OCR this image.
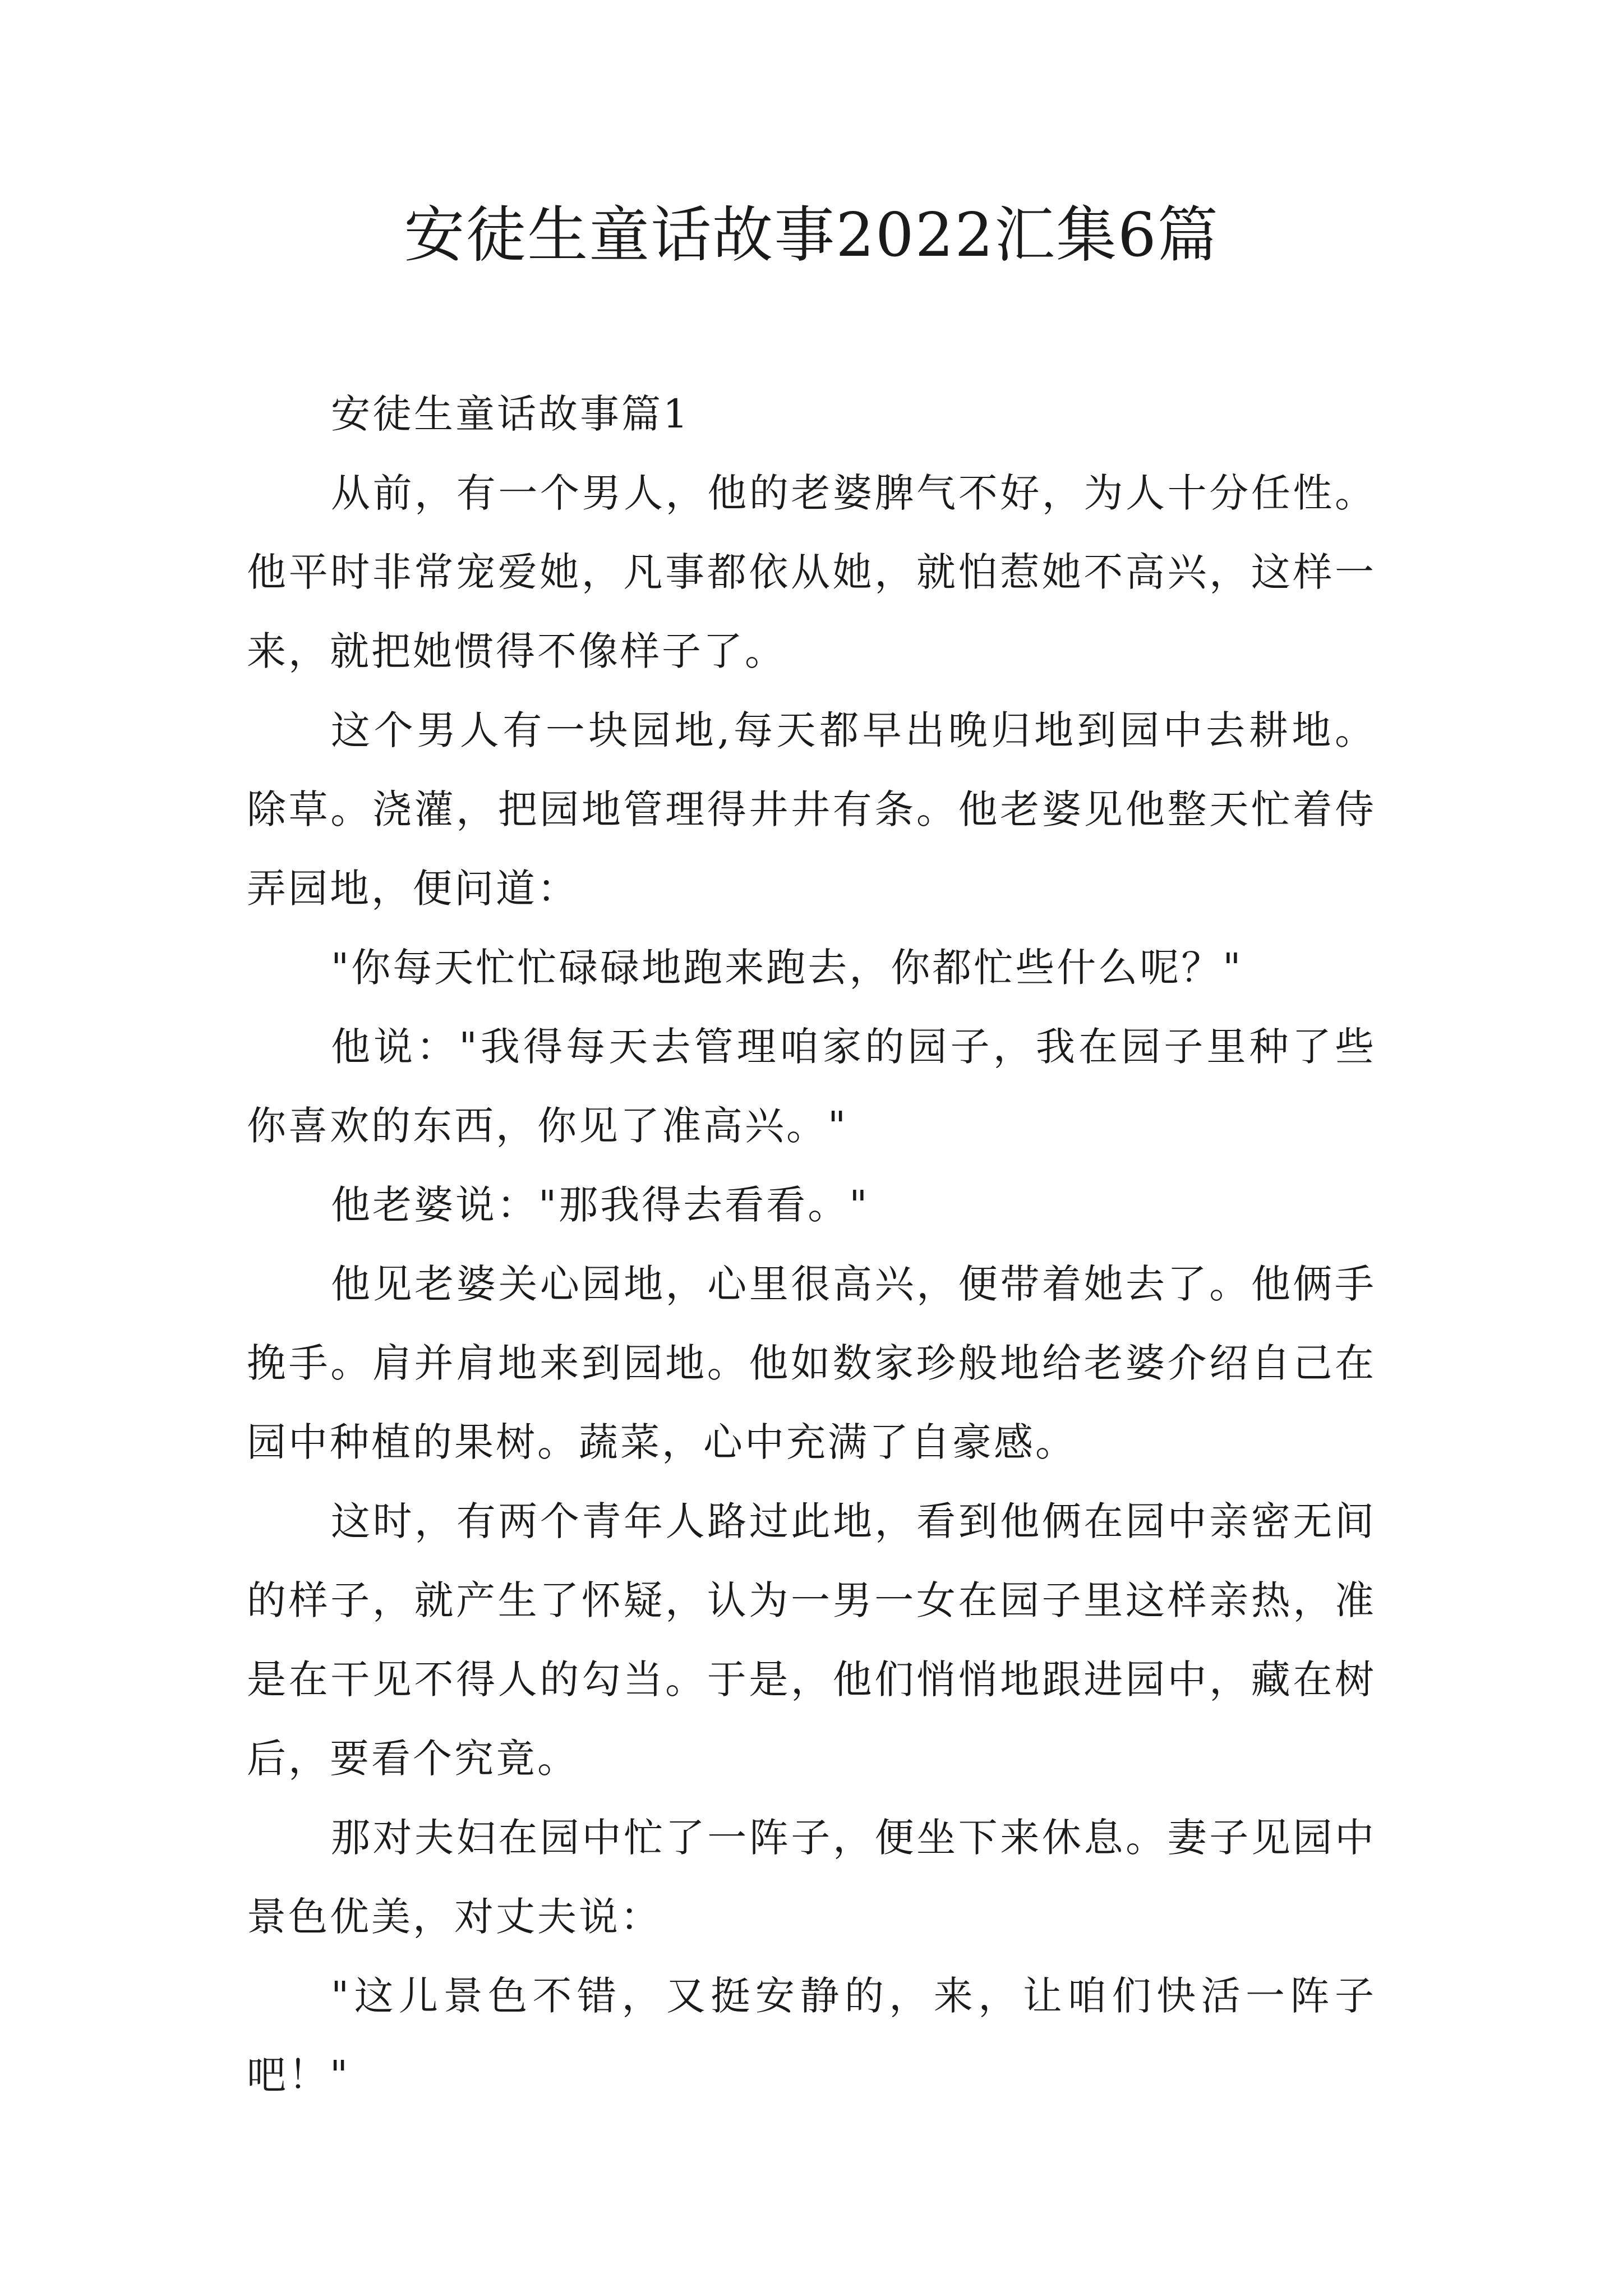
安徒生童话故事2022汇集6篇

安徒生童话故事篇1

从前，有一个男人，他的老婆脾气不好，为人十分任性。他平时非常宠爱她，凡事都依从她，就怕惹她不高兴，这样一来，就把她惯得不像样子了。

这个男人有一块园地,每天都早出晚归地到园中去耕地。除草。浇灌，把园地管理得井井有条。他老婆见他整天忙着侍弄园地，便问道：

"你每天忙忙碌碌地跑来跑去，你都忙些什么呢？"

他说："我得每天去管理咱家的园子，我在园子里种了些你喜欢的东西，你见了准高兴。"

他老婆说："那我得去看看。"

他见老婆关心园地，心里很高兴，便带着她去了。他俩手挽手。肩并肩地来到园地。他如数家珍般地给老婆介绍自己在园中种植的果树。蔬菜，心中充满了自豪感。

这时，有两个青年人路过此地，看到他俩在园中亲密无间的样子，就产生了怀疑，认为一男一女在园子里这样亲热，准是在干见不得人的勾当。于是，他们悄悄地跟进园中，藏在树后，要看个究竟。

那对夫妇在园中忙了一阵子，便坐下来休息。妻子见园中景色优美，对丈夫说：

"这儿景色不错，又挺安静的，来，让咱们快活一阵子吧！"
